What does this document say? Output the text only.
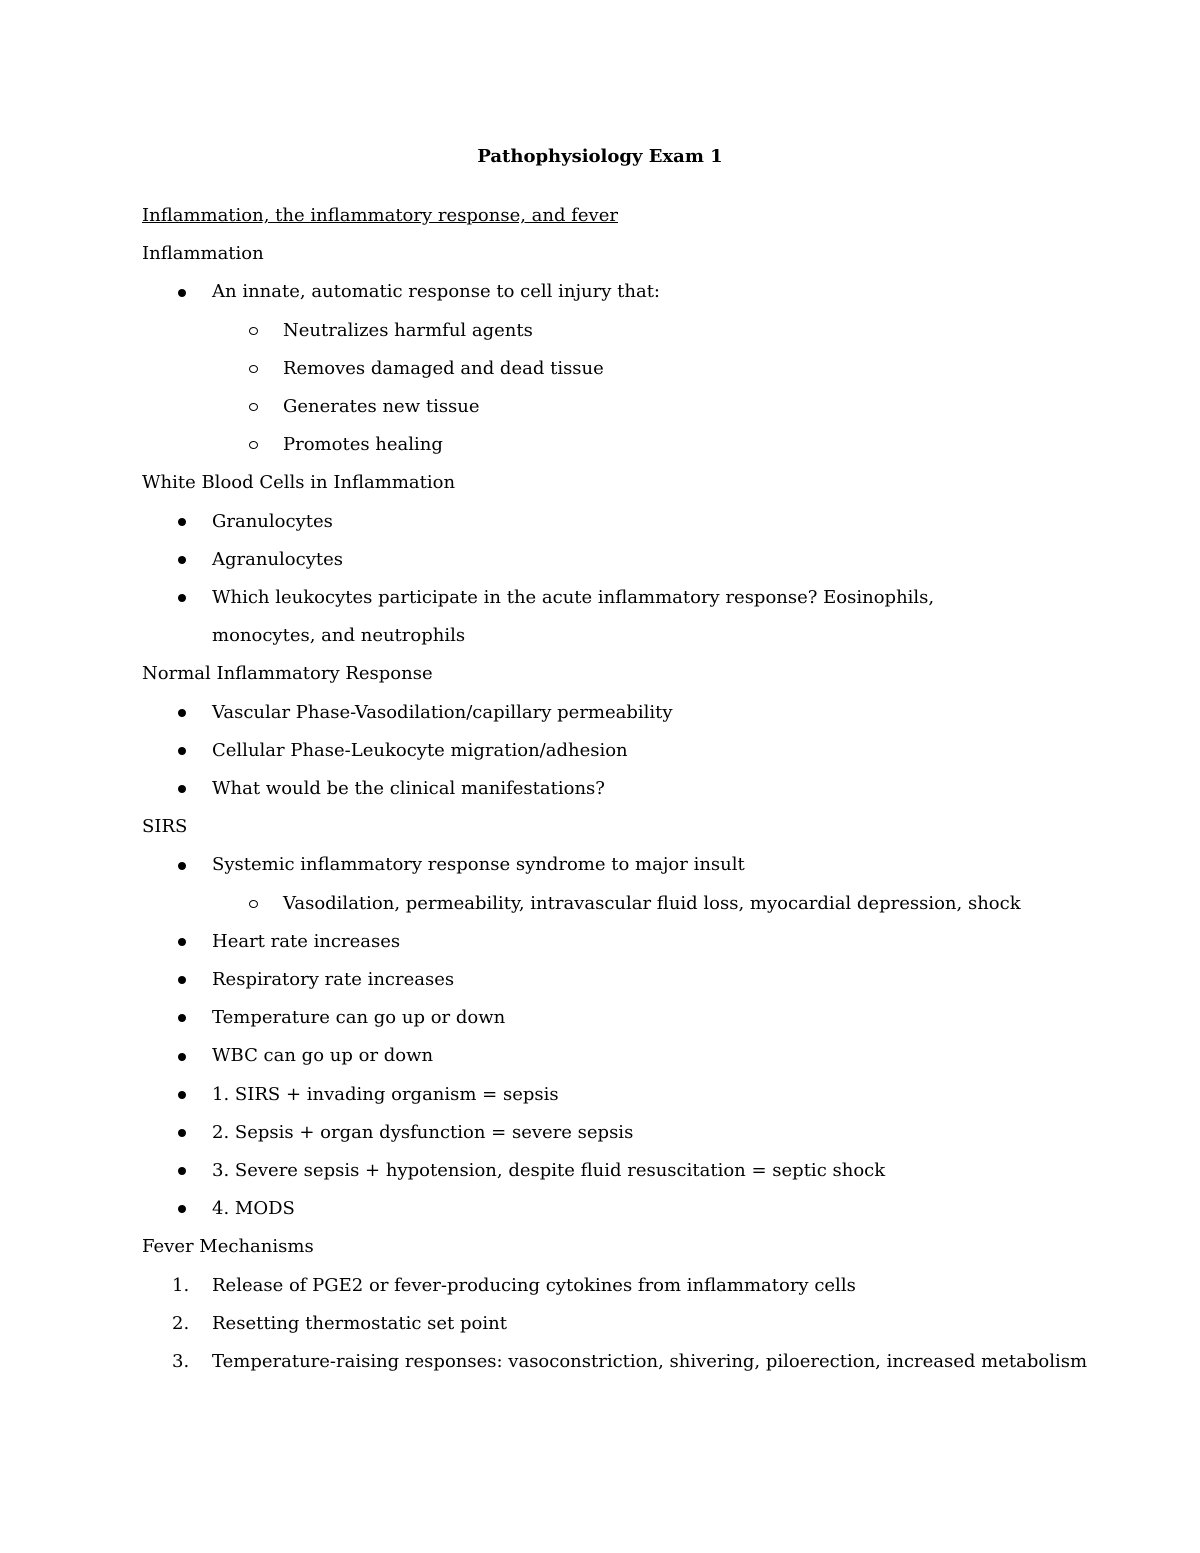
Pathophysiology Exam 1

Inflammation, the inflammatory response, and fever

Inflammation

An innate, automatic response to cell injury that:

Neutralizes harmful agents

Removes damaged and dead tissue

Generates new tissue

Promotes healing

White Blood Cells in Inflammation

Granulocytes

Agranulocytes

Which leukocytes participate in the acute inflammatory response? Eosinophils, monocytes, and neutrophils

Normal Inflammatory Response

Vascular Phase-Vasodilation/capillary permeability

Cellular Phase-Leukocyte migration/adhesion

What would be the clinical manifestations?

SIRS

Systemic inflammatory response syndrome to major insult

Vasodilation, permeability, intravascular fluid loss, myocardial depression, shock

Heart rate increases

Respiratory rate increases

Temperature can go up or down

WBC can go up or down

1. SIRS + invading organism = sepsis

2. Sepsis + organ dysfunction = severe sepsis

3. Severe sepsis + hypotension, despite fluid resuscitation = septic shock

4. MODS

Fever Mechanisms

1.	Release of PGE2 or fever-producing cytokines from inflammatory cells

2.	Resetting thermostatic set point

3.	Temperature-raising responses: vasoconstriction, shivering, piloerection, increased metabolism
